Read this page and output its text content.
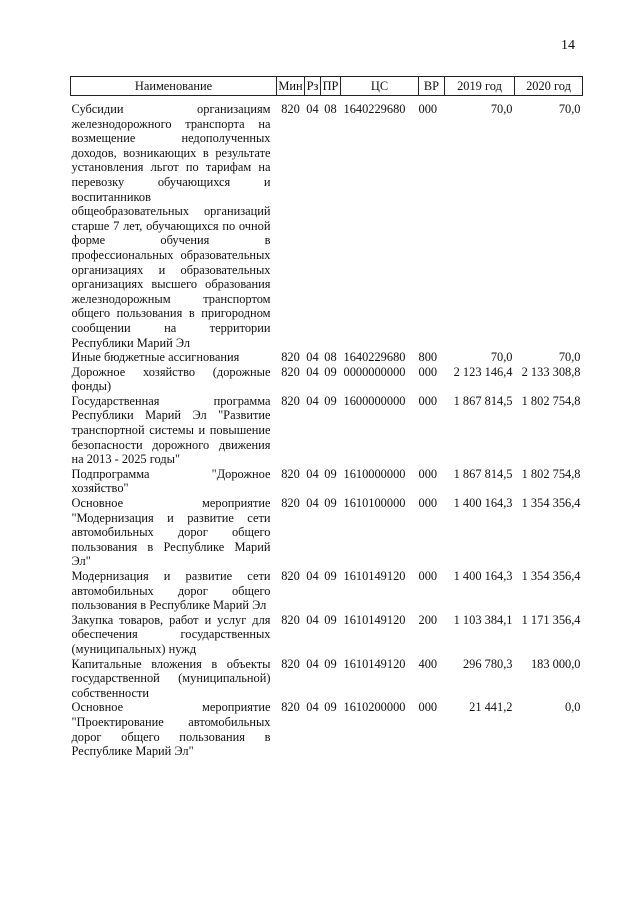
14
Наименование	Мин	Рз	ПР	ЦС	ВР	2019 год	2020 год
Субсидии организациям железнодорожного транспорта на возмещение недополученных доходов, возникающих в результате установления льгот по тарифам на перевозку обучающихся и воспитанников общеобразовательных организаций старше 7 лет, обучающихся по очной форме обучения в профессиональных образовательных организациях и образовательных организациях высшего образования железнодорожным транспортом общего пользования в пригородном сообщении на территории Республики Марий Эл	820	04	08	1640229680	000	70,0	70,0
Иные бюджетные ассигнования	820	04	08	1640229680	800	70,0	70,0
Дорожное хозяйство (дорожные фонды)	820	04	09	0000000000	000	2 123 146,4	2 133 308,8
Государственная программа Республики Марий Эл "Развитие транспортной системы и повышение безопасности дорожного движения на 2013 - 2025 годы"	820	04	09	1600000000	000	1 867 814,5	1 802 754,8
Подпрограмма "Дорожное хозяйство"	820	04	09	1610000000	000	1 867 814,5	1 802 754,8
Основное мероприятие "Модернизация и развитие сети автомобильных дорог общего пользования в Республике Марий Эл"	820	04	09	1610100000	000	1 400 164,3	1 354 356,4
Модернизация и развитие сети автомобильных дорог общего пользования в Республике Марий Эл	820	04	09	1610149120	000	1 400 164,3	1 354 356,4
Закупка товаров, работ и услуг для обеспечения государственных (муниципальных) нужд	820	04	09	1610149120	200	1 103 384,1	1 171 356,4
Капитальные вложения в объекты государственной (муниципальной) собственности	820	04	09	1610149120	400	296 780,3	183 000,0
Основное мероприятие "Проектирование автомобильных дорог общего пользования в Республике Марий Эл"	820	04	09	1610200000	000	21 441,2	0,0
